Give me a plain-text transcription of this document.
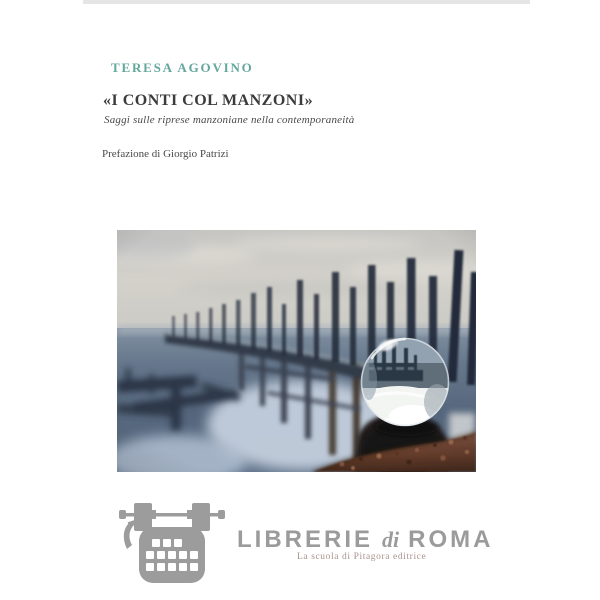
TERESA AGOVINO
«I CONTI COL MANZONI»
Saggi sulle riprese manzoniane nella contemporaneità
Prefazione di Giorgio Patrizi
LIBRERIE di ROMA
La scuola di Pitagora editrice
